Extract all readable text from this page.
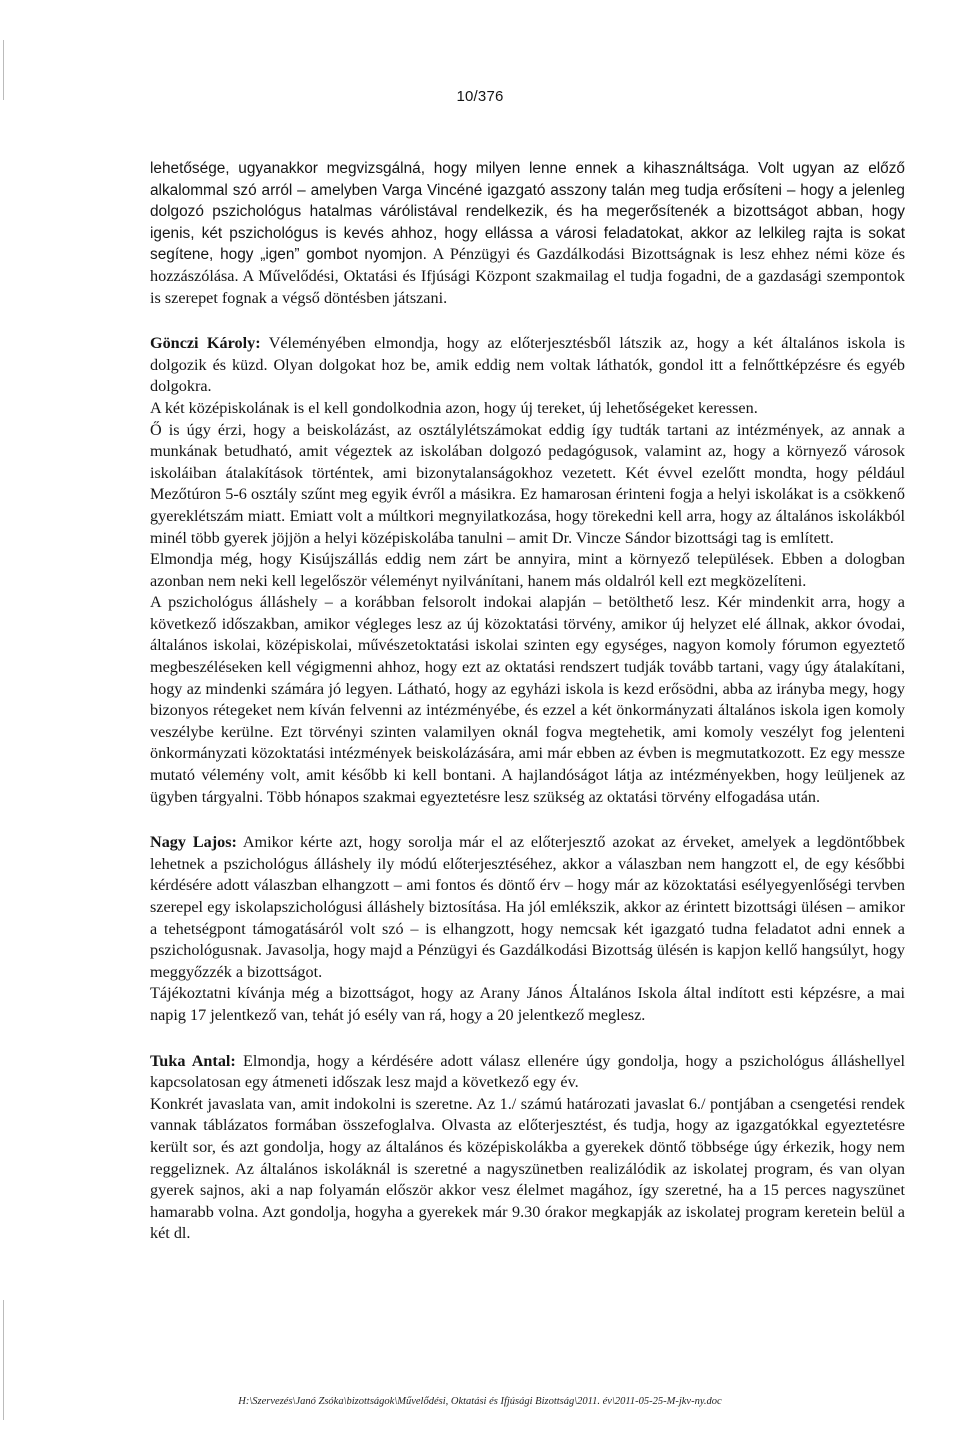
10/376

lehetősége, ugyanakkor megvizsgálná, hogy milyen lenne ennek a kihasználtsága. Volt ugyan az előző alkalommal szó arról – amelyben Varga Vincéné igazgató asszony talán meg tudja erősíteni – hogy a jelenleg dolgozó pszichológus hatalmas várólistával rendelkezik, és ha megerősítenék a bizottságot abban, hogy igenis, két pszichológus is kevés ahhoz, hogy ellássa a városi feladatokat, akkor az lelkileg rajta is sokat segítene, hogy „igen” gombot nyomjon. A Pénzügyi és Gazdálkodási Bizottságnak is lesz ehhez némi köze és hozzászólása. A Művelődési, Oktatási és Ifjúsági Központ szakmailag el tudja fogadni, de a gazdasági szempontok is szerepet fognak a végső döntésben játszani.

Gönczi Károly: Véleményében elmondja, hogy az előterjesztésből látszik az, hogy a két általános iskola is dolgozik és küzd. Olyan dolgokat hoz be, amik eddig nem voltak láthatók, gondol itt a felnőttképzésre és egyéb dolgokra.

A két középiskolának is el kell gondolkodnia azon, hogy új tereket, új lehetőségeket keressen.

Ő is úgy érzi, hogy a beiskolázást, az osztálylétszámokat eddig így tudták tartani az intézmények, az annak a munkának betudható, amit végeztek az iskolában dolgozó pedagógusok, valamint az, hogy a környező városok iskoláiban átalakítások történtek, ami bizonytalanságokhoz vezetett. Két évvel ezelőtt mondta, hogy például Mezőtúron 5-6 osztály szűnt meg egyik évről a másikra. Ez hamarosan érinteni fogja a helyi iskolákat is a csökkenő gyereklétszám miatt. Emiatt volt a múltkori megnyilatkozása, hogy törekedni kell arra, hogy az általános iskolákból minél több gyerek jöjjön a helyi középiskolába tanulni – amit Dr. Vincze Sándor bizottsági tag is említett.

Elmondja még, hogy Kisújszállás eddig nem zárt be annyira, mint a környező települések. Ebben a dologban azonban nem neki kell legelőször véleményt nyilvánítani, hanem más oldalról kell ezt megközelíteni.

A pszichológus álláshely – a korábban felsorolt indokai alapján – betölthető lesz. Kér mindenkit arra, hogy a következő időszakban, amikor végleges lesz az új közoktatási törvény, amikor új helyzet elé állnak, akkor óvodai, általános iskolai, középiskolai, művészetoktatási iskolai szinten egy egységes, nagyon komoly fórumon egyeztető megbeszéléseken kell végigmenni ahhoz, hogy ezt az oktatási rendszert tudják tovább tartani, vagy úgy átalakítani, hogy az mindenki számára jó legyen. Látható, hogy az egyházi iskola is kezd erősödni, abba az irányba megy, hogy bizonyos rétegeket nem kíván felvenni az intézményébe, és ezzel a két önkormányzati általános iskola igen komoly veszélybe kerülne. Ezt törvényi szinten valamilyen oknál fogva megtehetik, ami komoly veszélyt fog jelenteni önkormányzati közoktatási intézmények beiskolázására, ami már ebben az évben is megmutatkozott. Ez egy messze mutató vélemény volt, amit később ki kell bontani. A hajlandóságot látja az intézményekben, hogy leüljenek az ügyben tárgyalni. Több hónapos szakmai egyeztetésre lesz szükség az oktatási törvény elfogadása után.

Nagy Lajos: Amikor kérte azt, hogy sorolja már el az előterjesztő azokat az érveket, amelyek a legdöntőbbek lehetnek a pszichológus álláshely ily módú előterjesztéséhez, akkor a válaszban nem hangzott el, de egy későbbi kérdésére adott válaszban elhangzott – ami fontos és döntő érv – hogy már az közoktatási esélyegyenlőségi tervben szerepel egy iskolapszichológusi álláshely biztosítása. Ha jól emlékszik, akkor az érintett bizottsági ülésen – amikor a tehetségpont támogatásáról volt szó – is elhangzott, hogy nemcsak két igazgató tudna feladatot adni ennek a pszichológusnak. Javasolja, hogy majd a Pénzügyi és Gazdálkodási Bizottság ülésén is kapjon kellő hangsúlyt, hogy meggyőzzék a bizottságot.

Tájékoztatni kívánja még a bizottságot, hogy az Arany János Általános Iskola által indított esti képzésre, a mai napig 17 jelentkező van, tehát jó esély van rá, hogy a 20 jelentkező meglesz.

Tuka Antal: Elmondja, hogy a kérdésére adott válasz ellenére úgy gondolja, hogy a pszichológus álláshellyel kapcsolatosan egy átmeneti időszak lesz majd a következő egy év.

Konkrét javaslata van, amit indokolni is szeretne. Az 1./ számú határozati javaslat 6./ pontjában a csengetési rendek vannak táblázatos formában összefoglalva. Olvasta az előterjesztést, és tudja, hogy az igazgatókkal egyeztetésre került sor, és azt gondolja, hogy az általános és középiskolákba a gyerekek döntő többsége úgy érkezik, hogy nem reggeliznek. Az általános iskoláknál is szeretné a nagyszünetben realizálódik az iskolatej program, és van olyan gyerek sajnos, aki a nap folyamán először akkor vesz élelmet magához, így szeretné, ha a 15 perces nagyszünet hamarabb volna. Azt gondolja, hogyha a gyerekek már 9.30 órakor megkapják az iskolatej program keretein belül a két dl.

H:\Szervezés\Janó Zsóka\bizottságok\Művelődési, Oktatási és Ifjúsági Bizottság\2011. év\2011-05-25-M-jkv-ny.doc
